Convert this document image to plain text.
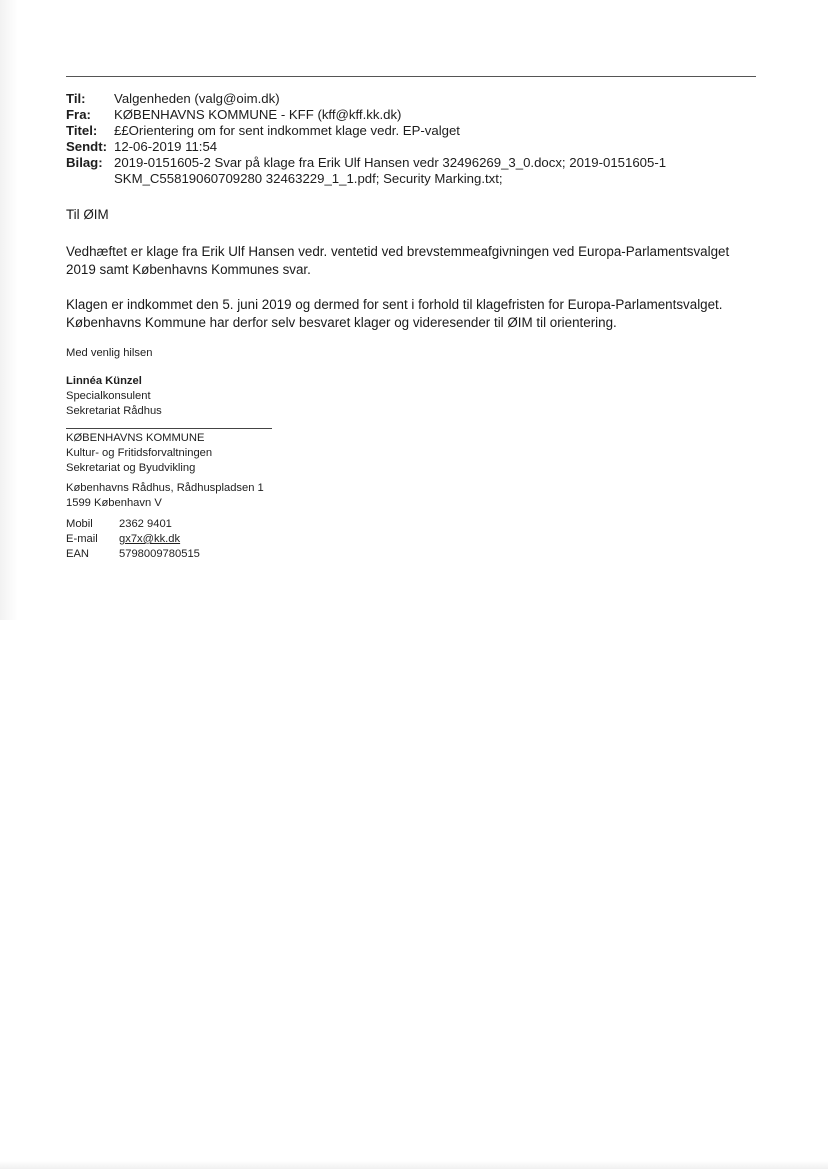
Til:	Valgenheden (valg@oim.dk)
Fra:	KØBENHAVNS KOMMUNE - KFF (kff@kff.kk.dk)
Titel:	££Orientering om for sent indkommet klage vedr. EP-valget
Sendt: 12-06-2019 11:54
Bilag: 2019-0151605-2 Svar på klage fra Erik Ulf Hansen vedr 32496269_3_0.docx; 2019-0151605-1
SKM_C55819060709280 32463229_1_1.pdf; Security Marking.txt;
Til ØIM
Vedhæftet er klage fra Erik Ulf Hansen vedr. ventetid ved brevstemmeafgivningen ved Europa-Parlamentsvalget
2019 samt Københavns Kommunes svar.
Klagen er indkommet den 5. juni 2019 og dermed for sent i forhold til klagefristen for Europa-Parlamentsvalget.
Københavns Kommune har derfor selv besvaret klager og videresender til ØIM til orientering.
Med venlig hilsen
Linnéa Künzel
Specialkonsulent
Sekretariat Rådhus
KØBENHAVNS KOMMUNE
Kultur- og Fritidsforvaltningen
Sekretariat og Byudvikling
Københavns Rådhus, Rådhuspladsen 1
1599 København V
Mobil	2362 9401
E-mail	gx7x@kk.dk
EAN	5798009780515
